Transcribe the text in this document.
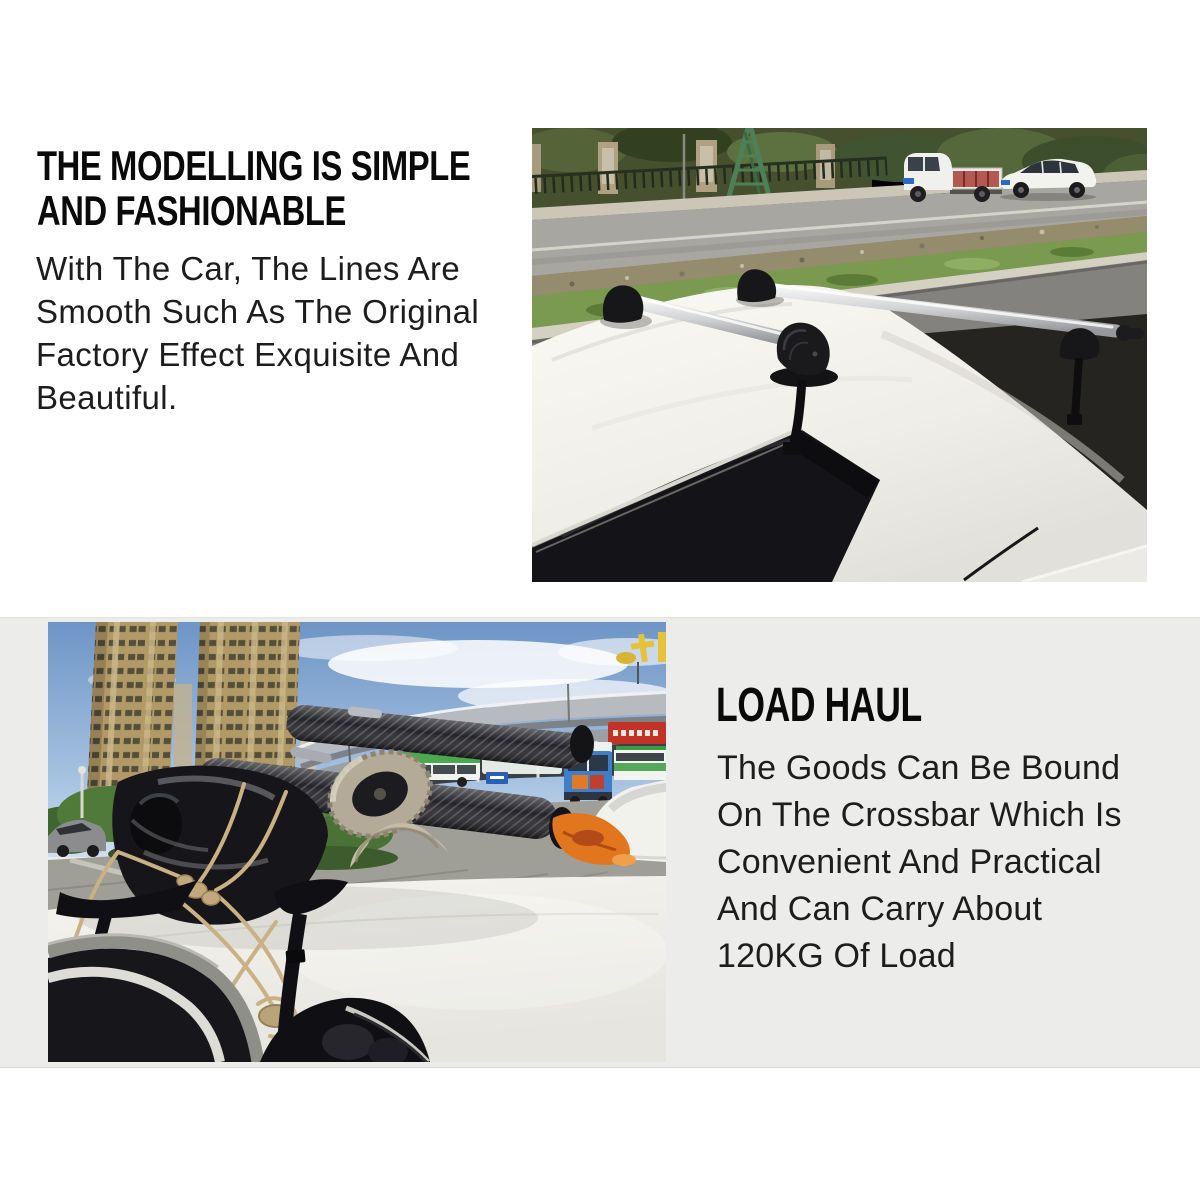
THE MODELLING IS SIMPLE
AND FASHIONABLE
With The Car, The Lines Are
Smooth Such As The Original
Factory Effect Exquisite And
Beautiful.
LOAD HAUL
The Goods Can Be Bound
On The Crossbar Which Is
Convenient And Practical
And Can Carry About
120KG Of Load
